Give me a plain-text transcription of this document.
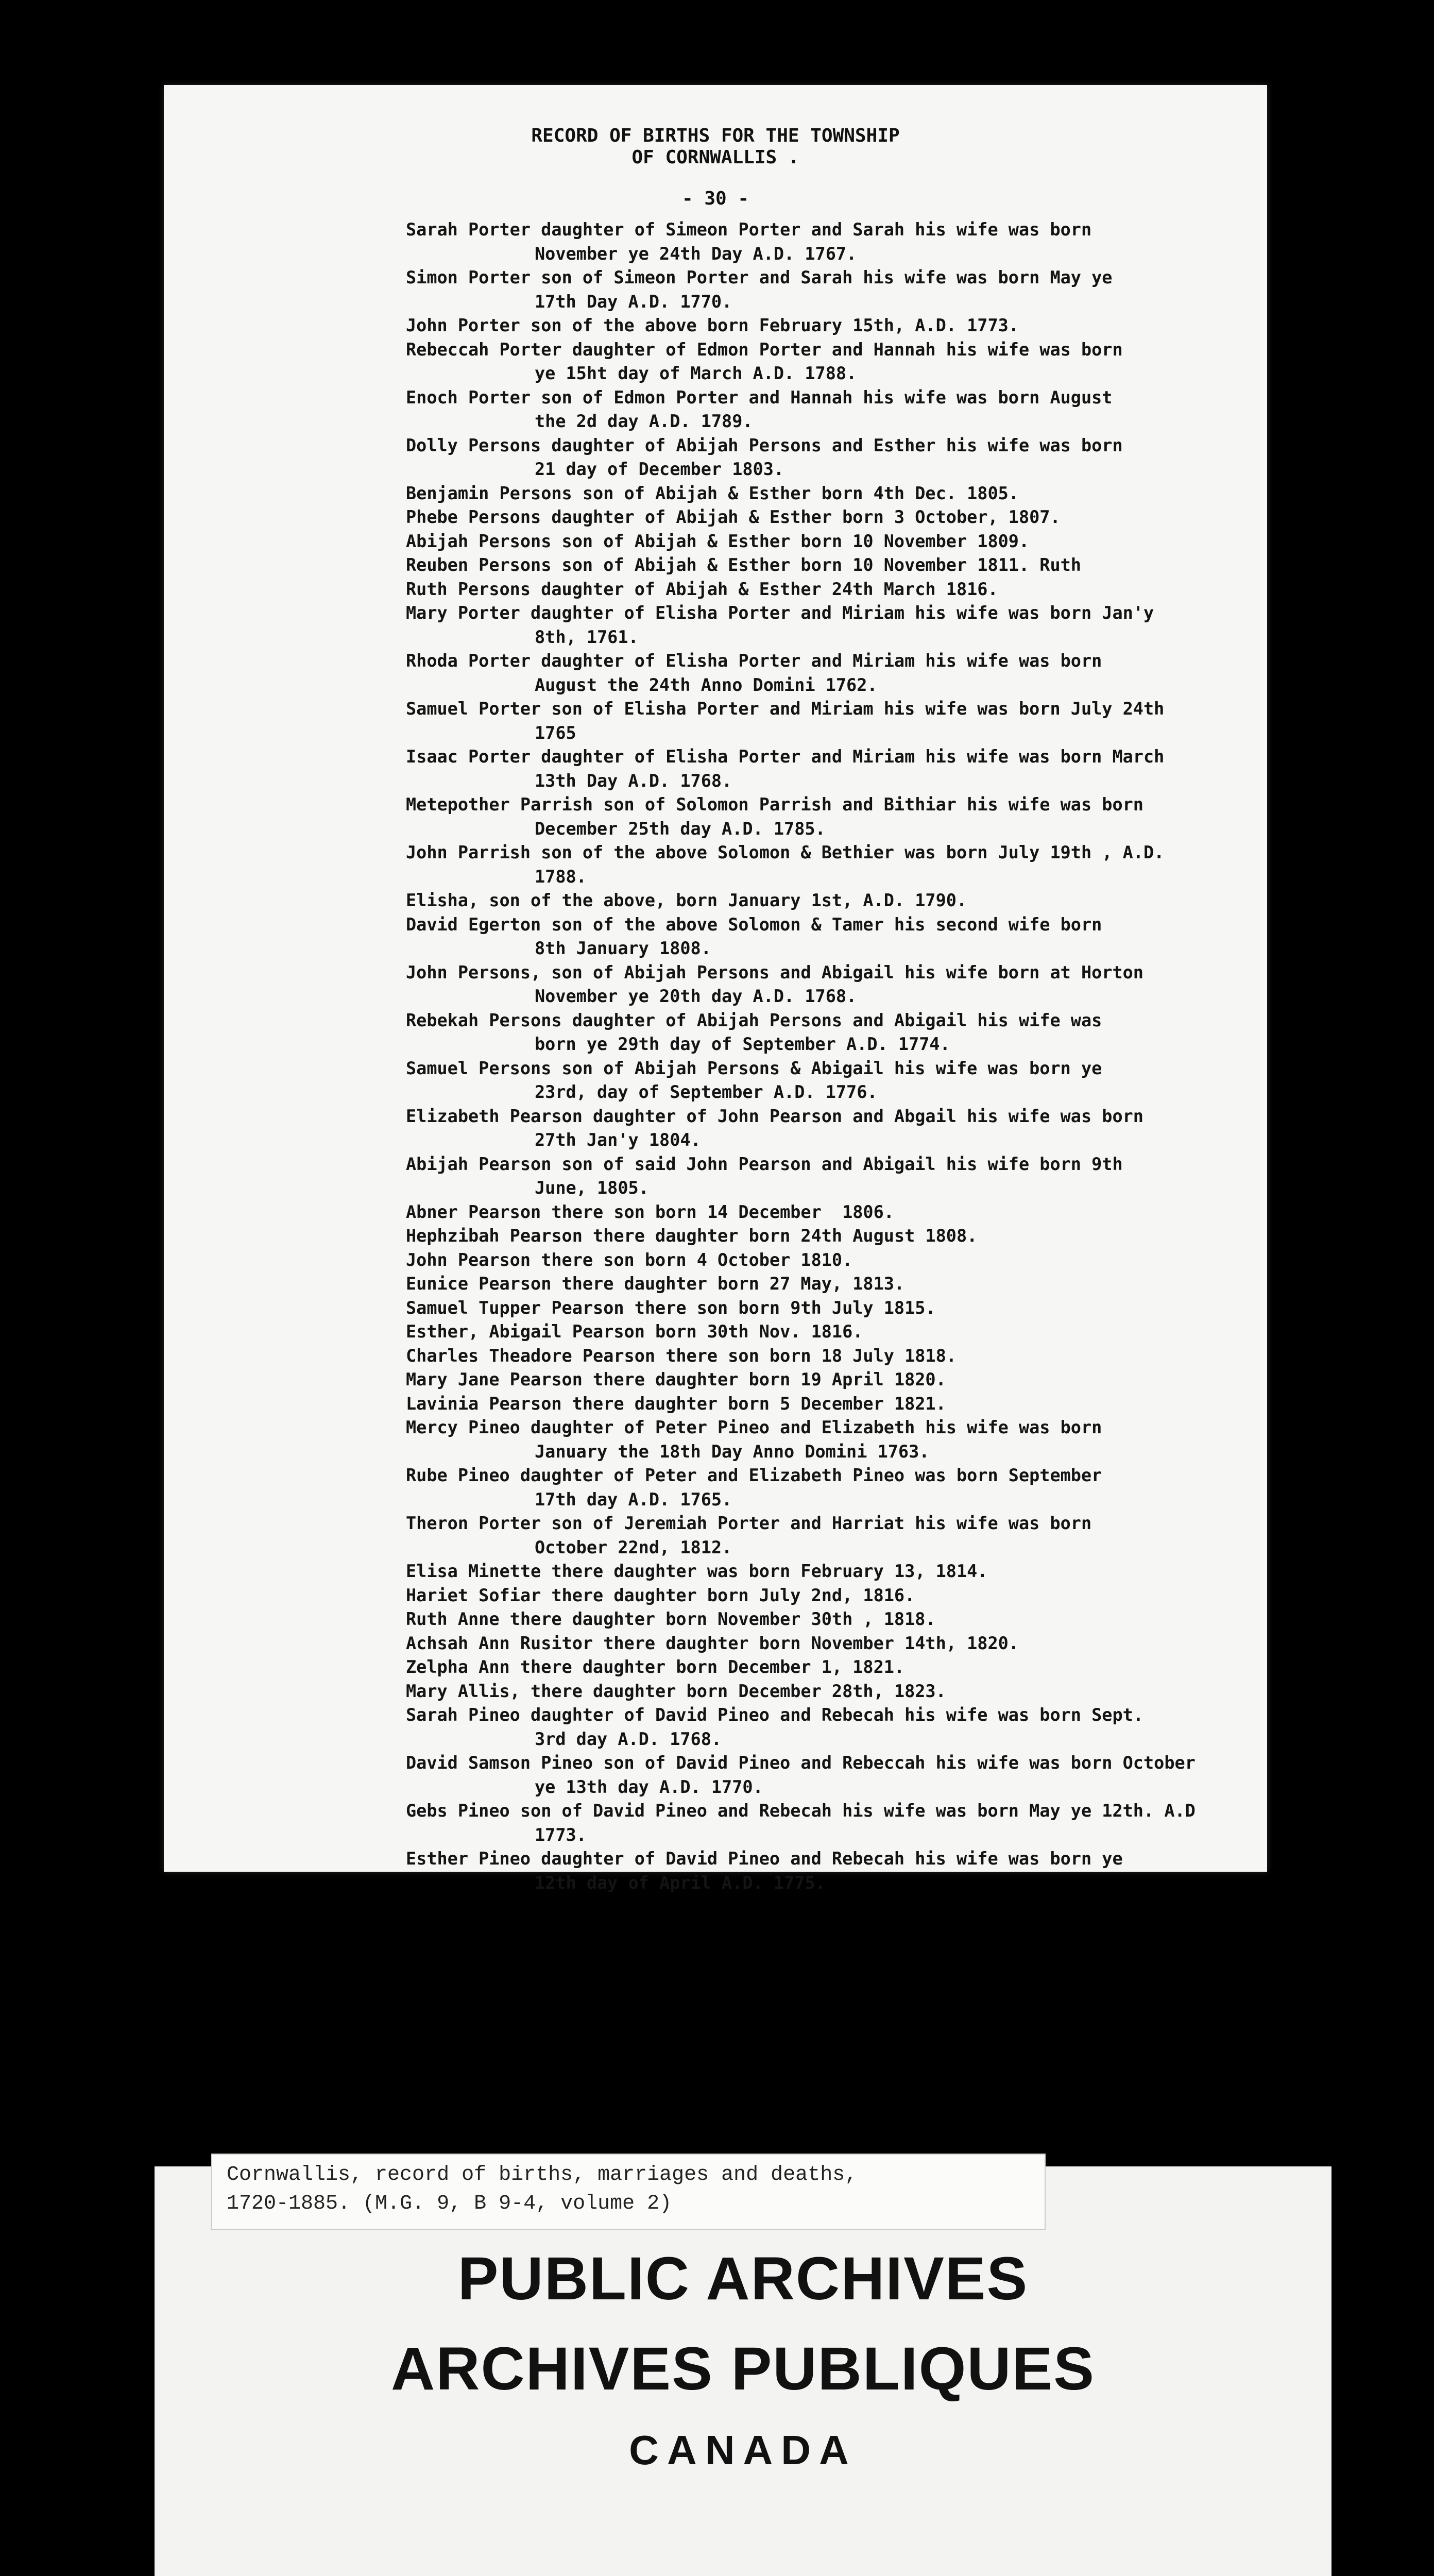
RECORD OF BIRTHS FOR THE TOWNSHIP
OF CORNWALLIS .
- 30 -
Sarah Porter daughter of Simeon Porter and Sarah his wife was born
November ye 24th Day A.D. 1767.
Simon Porter son of Simeon Porter and Sarah his wife was born May ye
17th Day A.D. 1770.
John Porter son of the above born February 15th, A.D. 1773.
Rebeccah Porter daughter of Edmon Porter and Hannah his wife was born
ye 15ht day of March A.D. 1788.
Enoch Porter son of Edmon Porter and Hannah his wife was born August
the 2d day A.D. 1789.
Dolly Persons daughter of Abijah Persons and Esther his wife was born
21 day of December 1803.
Benjamin Persons son of Abijah & Esther born 4th Dec. 1805.
Phebe Persons daughter of Abijah & Esther born 3 October, 1807.
Abijah Persons son of Abijah & Esther born 10 November 1809.
Reuben Persons son of Abijah & Esther born 10 November 1811. Ruth
Ruth Persons daughter of Abijah & Esther 24th March 1816.
Mary Porter daughter of Elisha Porter and Miriam his wife was born Jan'y
8th, 1761.
Rhoda Porter daughter of Elisha Porter and Miriam his wife was born
August the 24th Anno Domini 1762.
Samuel Porter son of Elisha Porter and Miriam his wife was born July 24th
1765
Isaac Porter daughter of Elisha Porter and Miriam his wife was born March
13th Day A.D. 1768.
Metepother Parrish son of Solomon Parrish and Bithiar his wife was born
December 25th day A.D. 1785.
John Parrish son of the above Solomon & Bethier was born July 19th , A.D.
1788.
Elisha, son of the above, born January 1st, A.D. 1790.
David Egerton son of the above Solomon & Tamer his second wife born
8th January 1808.
John Persons, son of Abijah Persons and Abigail his wife born at Horton
November ye 20th day A.D. 1768.
Rebekah Persons daughter of Abijah Persons and Abigail his wife was
born ye 29th day of September A.D. 1774.
Samuel Persons son of Abijah Persons & Abigail his wife was born ye
23rd, day of September A.D. 1776.
Elizabeth Pearson daughter of John Pearson and Abgail his wife was born
27th Jan'y 1804.
Abijah Pearson son of said John Pearson and Abigail his wife born 9th
June, 1805.
Abner Pearson there son born 14 December  1806.
Hephzibah Pearson there daughter born 24th August 1808.
John Pearson there son born 4 October 1810.
Eunice Pearson there daughter born 27 May, 1813.
Samuel Tupper Pearson there son born 9th July 1815.
Esther, Abigail Pearson born 30th Nov. 1816.
Charles Theadore Pearson there son born 18 July 1818.
Mary Jane Pearson there daughter born 19 April 1820.
Lavinia Pearson there daughter born 5 December 1821.
Mercy Pineo daughter of Peter Pineo and Elizabeth his wife was born
January the 18th Day Anno Domini 1763.
Rube Pineo daughter of Peter and Elizabeth Pineo was born September
17th day A.D. 1765.
Theron Porter son of Jeremiah Porter and Harriat his wife was born
October 22nd, 1812.
Elisa Minette there daughter was born February 13, 1814.
Hariet Sofiar there daughter born July 2nd, 1816.
Ruth Anne there daughter born November 30th , 1818.
Achsah Ann Rusitor there daughter born November 14th, 1820.
Zelpha Ann there daughter born December 1, 1821.
Mary Allis, there daughter born December 28th, 1823.
Sarah Pineo daughter of David Pineo and Rebecah his wife was born Sept.
3rd day A.D. 1768.
David Samson Pineo son of David Pineo and Rebeccah his wife was born October
ye 13th day A.D. 1770.
Gebs Pineo son of David Pineo and Rebecah his wife was born May ye 12th. A.D
1773.
Esther Pineo daughter of David Pineo and Rebecah his wife was born ye
12th day of April A.D. 1775.
Cornwallis, record of births, marriages and deaths,
1720-1885. (M.G. 9, B 9-4, volume 2)
PUBLIC ARCHIVES
ARCHIVES PUBLIQUES
CANADA
